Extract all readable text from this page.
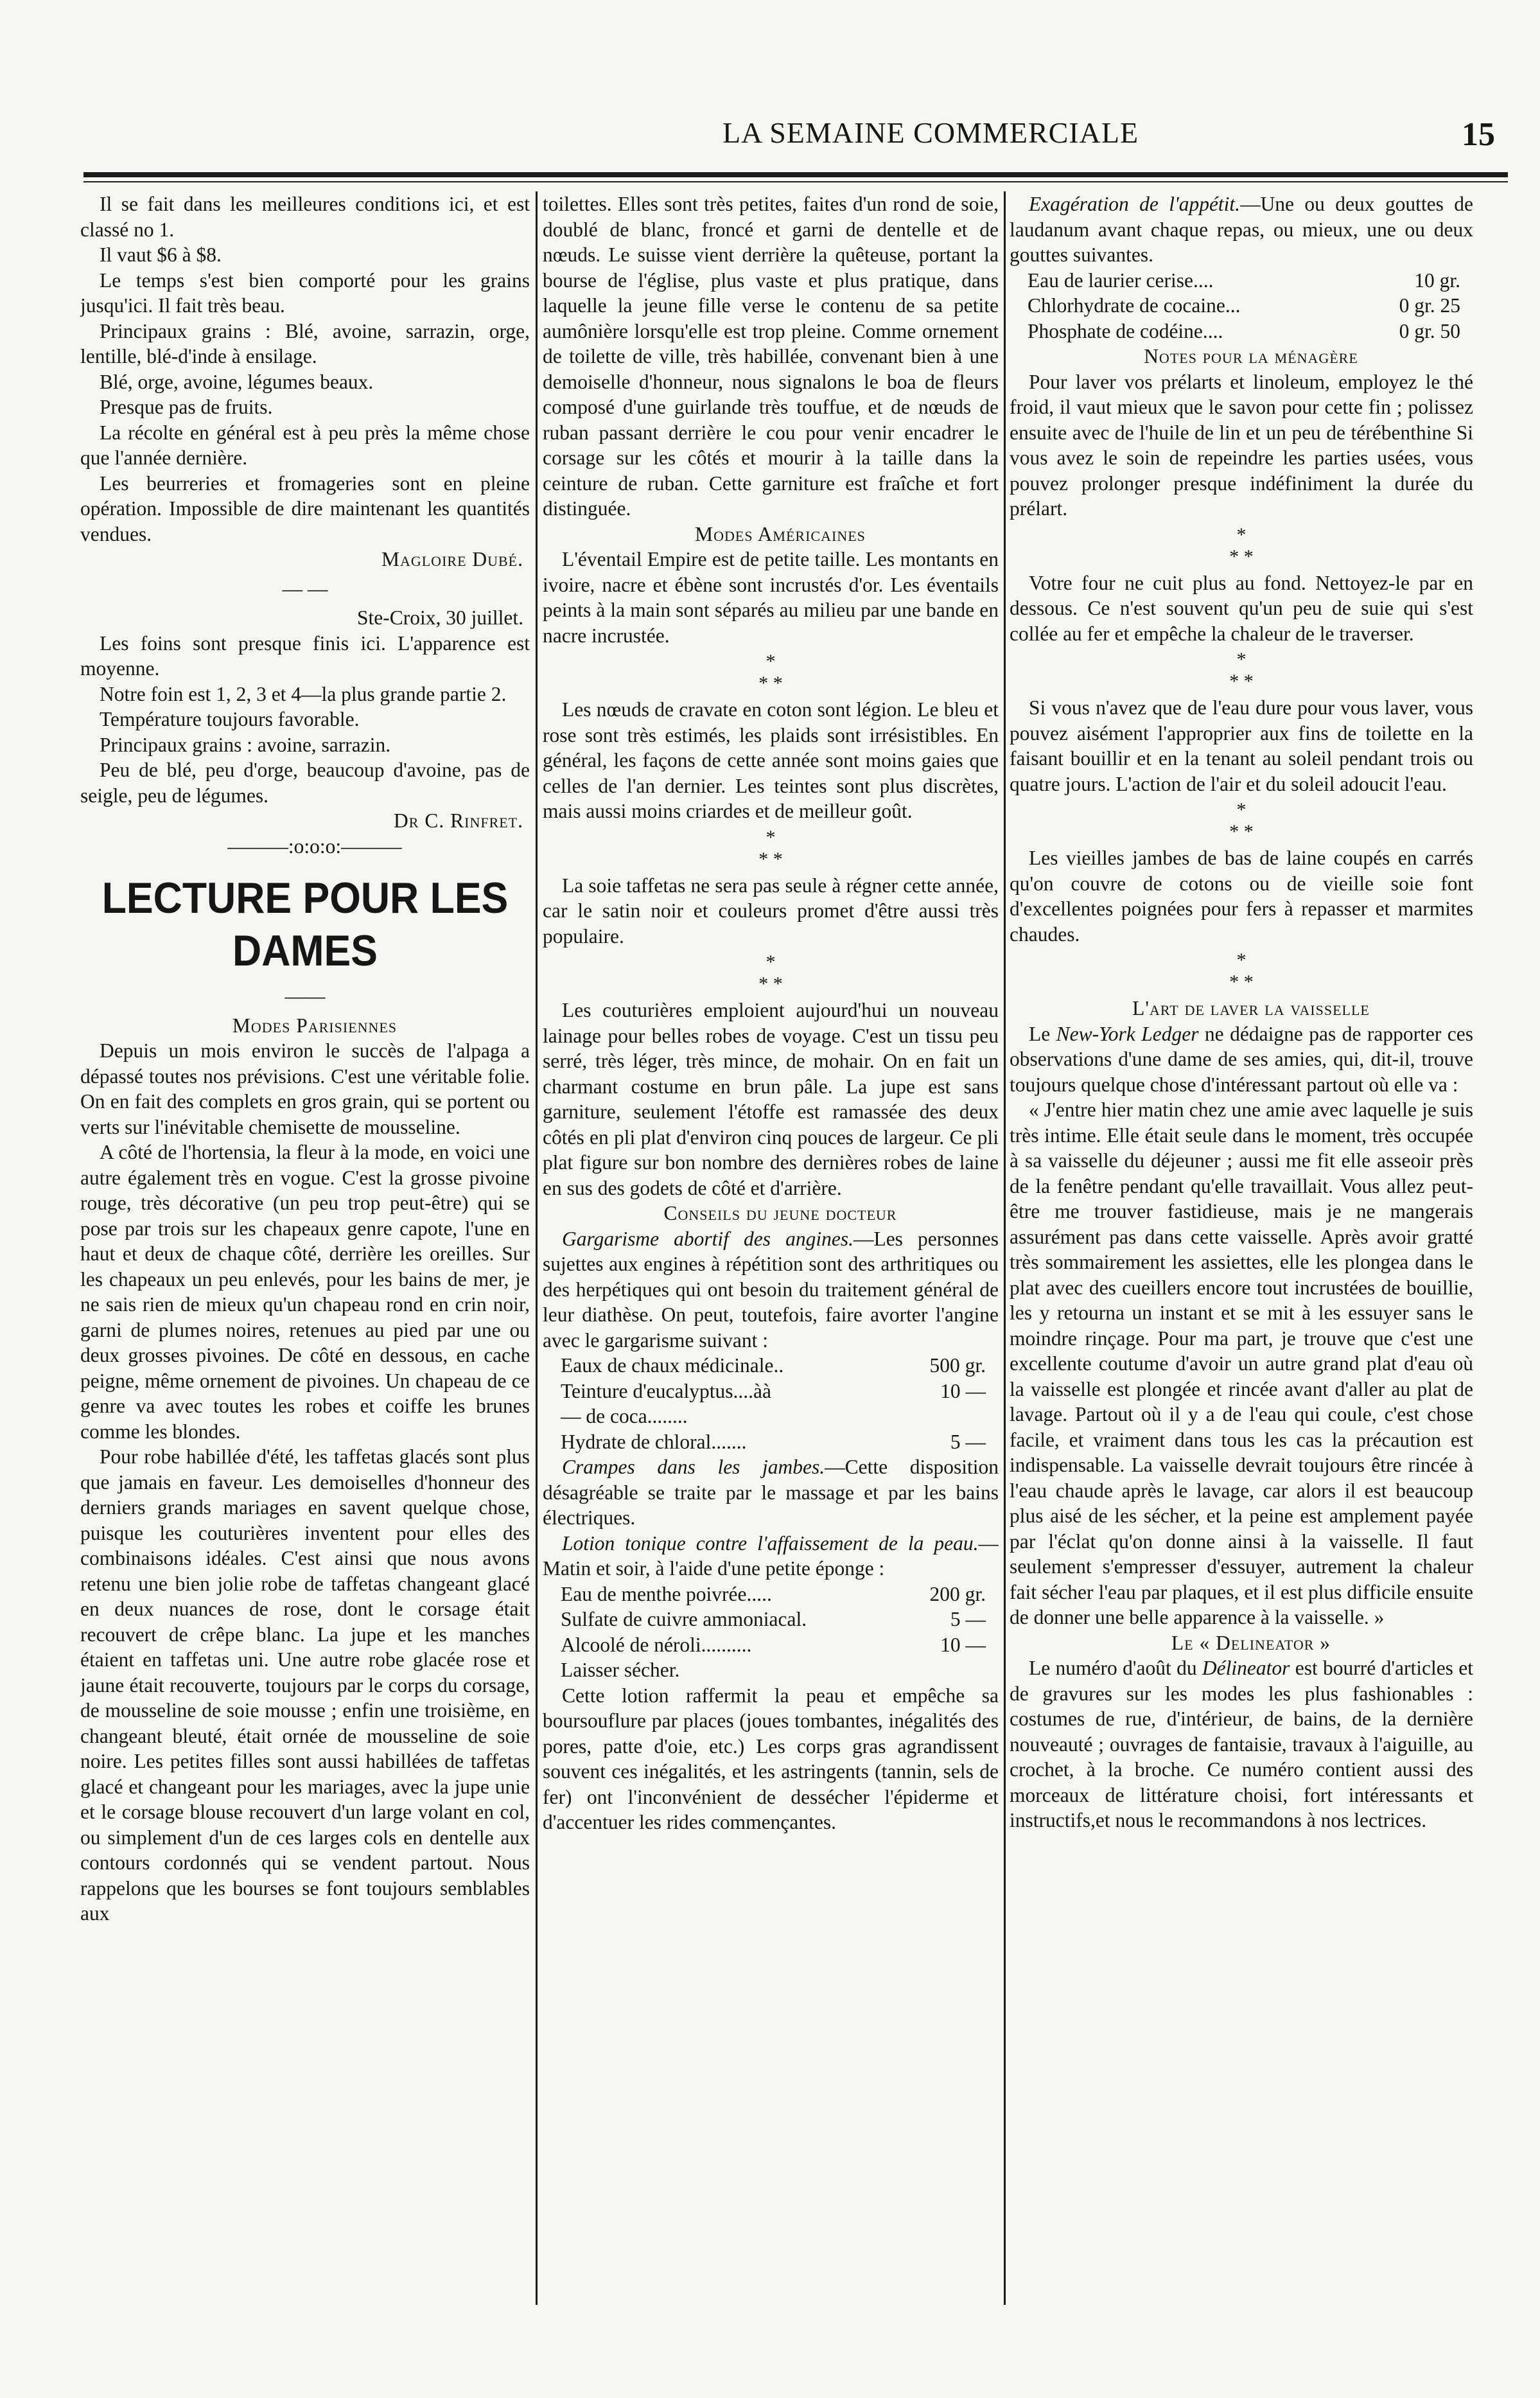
LA SEMAINE COMMERCIALE	15

Il se fait dans les meilleures conditions ici, et est classé no 1.

Il vaut $6 à $8.

Le temps s'est bien comporté pour les grains jusqu'ici. Il fait très beau.

Principaux grains : Blé, avoine, sarrazin, orge, lentille, blé-d'inde à ensilage.

Blé, orge, avoine, légumes beaux.

Presque pas de fruits.

La récolte en général est à peu près la même chose que l'année dernière.

Les beurreries et fromageries sont en pleine opération. Impossible de dire maintenant les quantités vendues.

Magloire Dubé.

— —

Ste-Croix, 30 juillet.

Les foins sont presque finis ici. L'apparence est moyenne.

Notre foin est 1, 2, 3 et 4—la plus grande partie 2.

Température toujours favorable.

Principaux grains : avoine, sarrazin.

Peu de blé, peu d'orge, beaucoup d'avoine, pas de seigle, peu de légumes.

Dr C. Rinfret.

———:o:o:o:———

LECTURE POUR LES DAMES
——

Modes Parisiennes

Depuis un mois environ le succès de l'alpaga a dépassé toutes nos prévisions. C'est une véritable folie. On en fait des complets en gros grain, qui se portent ou verts sur l'inévitable chemisette de mousseline.

A côté de l'hortensia, la fleur à la mode, en voici une autre également très en vogue. C'est la grosse pivoine rouge, très décorative (un peu trop peut-être) qui se pose par trois sur les chapeaux genre capote, l'une en haut et deux de chaque côté, derrière les oreilles. Sur les chapeaux un peu enlevés, pour les bains de mer, je ne sais rien de mieux qu'un chapeau rond en crin noir, garni de plumes noires, retenues au pied par une ou deux grosses pivoines. De côté en dessous, en cache peigne, même ornement de pivoines. Un chapeau de ce genre va avec toutes les robes et coiffe les brunes comme les blondes.

Pour robe habillée d'été, les taffetas glacés sont plus que jamais en faveur. Les demoiselles d'honneur des derniers grands mariages en savent quelque chose, puisque les couturières inventent pour elles des combinaisons idéales. C'est ainsi que nous avons retenu une bien jolie robe de taffetas changeant glacé en deux nuances de rose, dont le corsage était recouvert de crêpe blanc. La jupe et les manches étaient en taffetas uni. Une autre robe glacée rose et jaune était recouverte, toujours par le corps du corsage, de mousseline de soie mousse ; enfin une troisième, en changeant bleuté, était ornée de mousseline de soie noire. Les petites filles sont aussi habillées de taffetas glacé et changeant pour les mariages, avec la jupe unie et le corsage blouse recouvert d'un large volant en col, ou simplement d'un de ces larges cols en dentelle aux contours cordonnés qui se vendent partout. Nous rappelons que les bourses se font toujours semblables aux

toilettes. Elles sont très petites, faites d'un rond de soie, doublé de blanc, froncé et garni de dentelle et de nœuds. Le suisse vient derrière la quêteuse, portant la bourse de l'église, plus vaste et plus pratique, dans laquelle la jeune fille verse le contenu de sa petite aumônière lorsqu'elle est trop pleine. Comme ornement de toilette de ville, très habillée, convenant bien à une demoiselle d'honneur, nous signalons le boa de fleurs composé d'une guirlande très touffue, et de nœuds de ruban passant derrière le cou pour venir encadrer le corsage sur les côtés et mourir à la taille dans la ceinture de ruban. Cette garniture est fraîche et fort distinguée.

Modes Américaines

L'éventail Empire est de petite taille. Les montants en ivoire, nacre et ébène sont incrustés d'or. Les éventails peints à la main sont séparés au milieu par une bande en nacre incrustée.

*
* *

Les nœuds de cravate en coton sont légion. Le bleu et rose sont très estimés, les plaids sont irrésistibles. En général, les façons de cette année sont moins gaies que celles de l'an dernier. Les teintes sont plus discrètes, mais aussi moins criardes et de meilleur goût.

*
* *

La soie taffetas ne sera pas seule à régner cette année, car le satin noir et couleurs promet d'être aussi très populaire.

*
* *

Les couturières emploient aujourd'hui un nouveau lainage pour belles robes de voyage. C'est un tissu peu serré, très léger, très mince, de mohair. On en fait un charmant costume en brun pâle. La jupe est sans garniture, seulement l'étoffe est ramassée des deux côtés en pli plat d'environ cinq pouces de largeur. Ce pli plat figure sur bon nombre des dernières robes de laine en sus des godets de côté et d'arrière.

Conseils du jeune docteur

Gargarisme abortif des angines.—Les personnes sujettes aux engines à répétition sont des arthritiques ou des herpétiques qui ont besoin du traitement général de leur diathèse. On peut, toutefois, faire avorter l'angine avec le gargarisme suivant :

Eaux de chaux médicinale..	500 gr.
Teinture d'eucalyptus....àà	10 —
— de coca........
Hydrate de chloral.......	5 —

Crampes dans les jambes.—Cette disposition désagréable se traite par le massage et par les bains électriques.

Lotion tonique contre l'affaissement de la peau.—Matin et soir, à l'aide d'une petite éponge :

Eau de menthe poivrée.....	200 gr.
Sulfate de cuivre ammoniacal.	5 —
Alcoolé de néroli..........	10 —
Laisser sécher.

Cette lotion raffermit la peau et empêche sa boursouflure par places (joues tombantes, inégalités des pores, patte d'oie, etc.) Les corps gras agrandissent souvent ces inégalités, et les astringents (tannin, sels de fer) ont l'inconvénient de dessécher l'épiderme et d'accentuer les rides commençantes.

Exagération de l'appétit.—Une ou deux gouttes de laudanum avant chaque repas, ou mieux, une ou deux gouttes suivantes.

Eau de laurier cerise....	10 gr.
Chlorhydrate de cocaine...	0 gr. 25
Phosphate de codéine....	0 gr. 50

Notes pour la ménagère

Pour laver vos prélarts et linoleum, employez le thé froid, il vaut mieux que le savon pour cette fin ; polissez ensuite avec de l'huile de lin et un peu de térébenthine Si vous avez le soin de repeindre les parties usées, vous pouvez prolonger presque indéfiniment la durée du prélart.

*
* *

Votre four ne cuit plus au fond. Nettoyez-le par en dessous. Ce n'est souvent qu'un peu de suie qui s'est collée au fer et empêche la chaleur de le traverser.

*
* *

Si vous n'avez que de l'eau dure pour vous laver, vous pouvez aisément l'approprier aux fins de toilette en la faisant bouillir et en la tenant au soleil pendant trois ou quatre jours. L'action de l'air et du soleil adoucit l'eau.

*
* *

Les vieilles jambes de bas de laine coupés en carrés qu'on couvre de cotons ou de vieille soie font d'excellentes poignées pour fers à repasser et marmites chaudes.

*
* *

L'art de laver la vaisselle

Le New-York Ledger ne dédaigne pas de rapporter ces observations d'une dame de ses amies, qui, dit-il, trouve toujours quelque chose d'intéressant partout où elle va :

« J'entre hier matin chez une amie avec laquelle je suis très intime. Elle était seule dans le moment, très occupée à sa vaisselle du déjeuner ; aussi me fit elle asseoir près de la fenêtre pendant qu'elle travaillait. Vous allez peut-être me trouver fastidieuse, mais je ne mangerais assurément pas dans cette vaisselle. Après avoir gratté très sommairement les assiettes, elle les plongea dans le plat avec des cueillers encore tout incrustées de bouillie, les y retourna un instant et se mit à les essuyer sans le moindre rinçage. Pour ma part, je trouve que c'est une excellente coutume d'avoir un autre grand plat d'eau où la vaisselle est plongée et rincée avant d'aller au plat de lavage. Partout où il y a de l'eau qui coule, c'est chose facile, et vraiment dans tous les cas la précaution est indispensable. La vaisselle devrait toujours être rincée à l'eau chaude après le lavage, car alors il est beaucoup plus aisé de les sécher, et la peine est amplement payée par l'éclat qu'on donne ainsi à la vaisselle. Il faut seulement s'empresser d'essuyer, autrement la chaleur fait sécher l'eau par plaques, et il est plus difficile ensuite de donner une belle apparence à la vaisselle. »

Le « Delineator »

Le numéro d'août du Délineator est bourré d'articles et de gravures sur les modes les plus fashionables : costumes de rue, d'intérieur, de bains, de la dernière nouveauté ; ouvrages de fantaisie, travaux à l'aiguille, au crochet, à la broche. Ce numéro contient aussi des morceaux de littérature choisi, fort intéressants et instructifs,et nous le recommandons à nos lectrices.
